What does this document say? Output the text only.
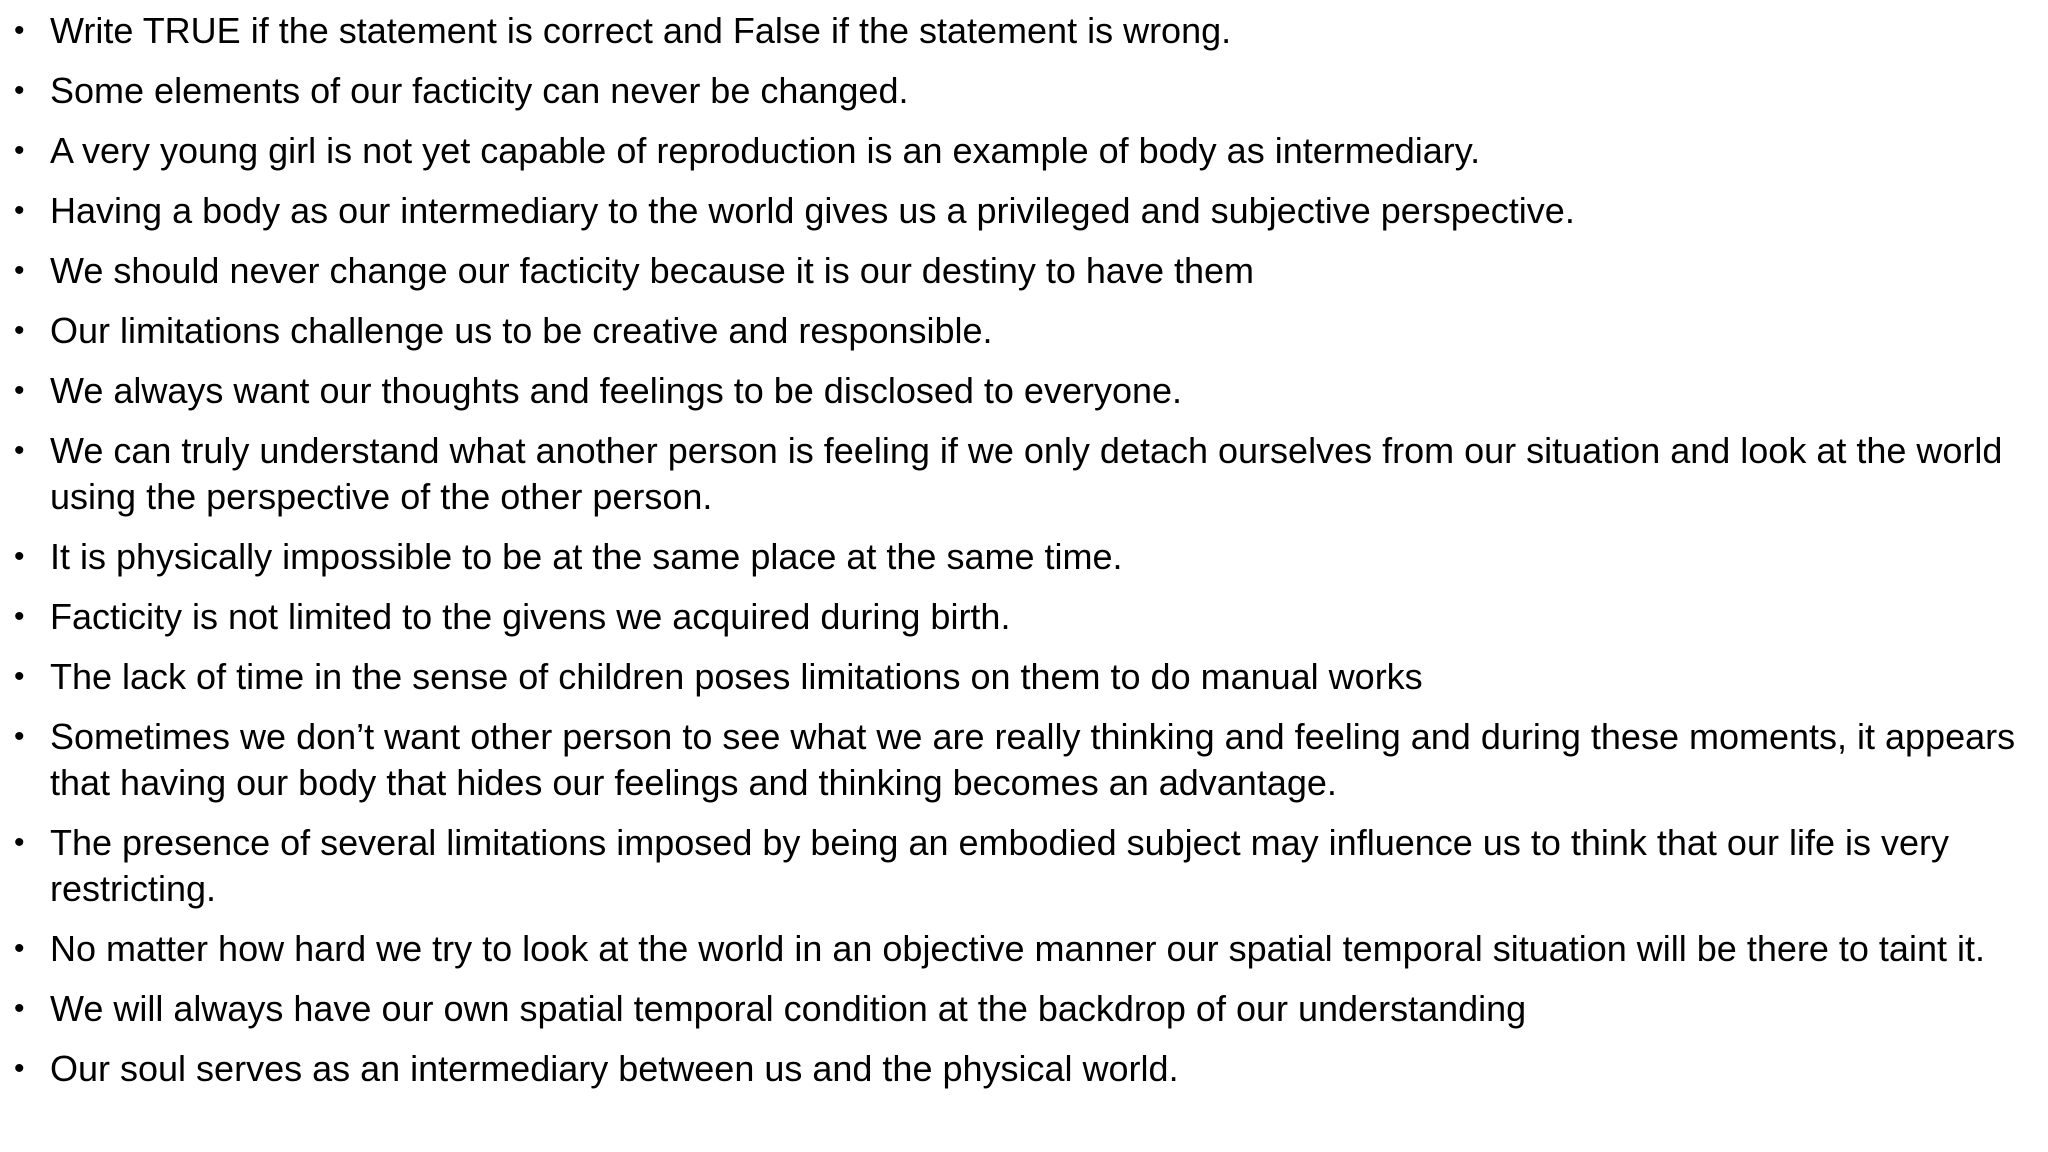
• Write TRUE if the statement is correct and False if the statement is wrong.
• Some elements of our facticity can never be changed.
• A very young girl is not yet capable of reproduction is an example of body as intermediary.
• Having a body as our intermediary to the world gives us a privileged and subjective perspective.
• We should never change our facticity because it is our destiny to have them
• Our limitations challenge us to be creative and responsible.
• We always want our thoughts and feelings to be disclosed to everyone.
• We can truly understand what another person is feeling if we only detach ourselves from our situation and look at the world using the perspective of the other person.
• It is physically impossible to be at the same place at the same time.
• Facticity is not limited to the givens we acquired during birth.
• The lack of time in the sense of children poses limitations on them to do manual works
• Sometimes we don’t want other person to see what we are really thinking and feeling and during these moments, it appears that having our body that hides our feelings and thinking becomes an advantage.
• The presence of several limitations imposed by being an embodied subject may influence us to think that our life is very restricting.
• No matter how hard we try to look at the world in an objective manner our spatial temporal situation will be there to taint it.
• We will always have our own spatial temporal condition at the backdrop of our understanding
• Our soul serves as an intermediary between us and the physical world.
